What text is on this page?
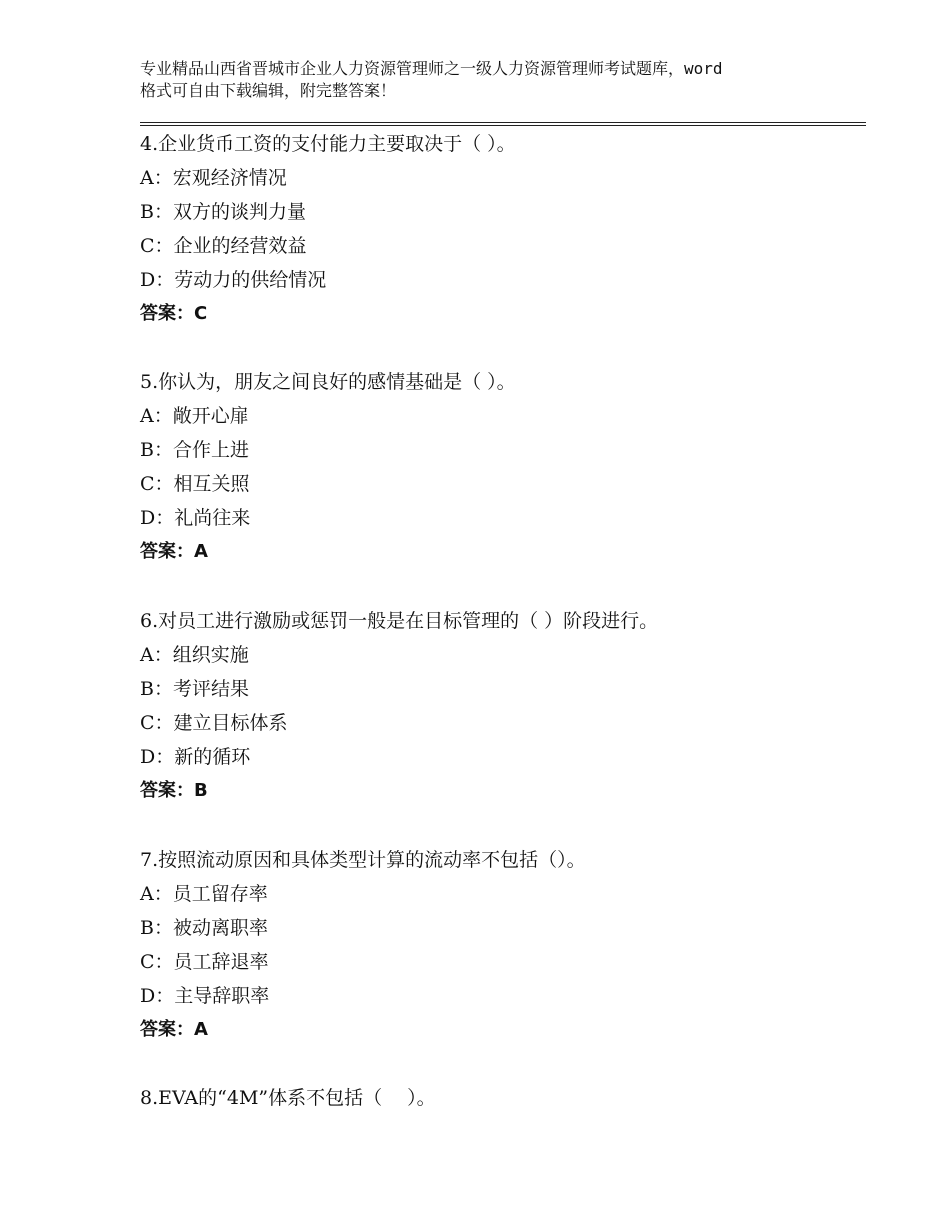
专业精品山西省晋城市企业人力资源管理师之一级人力资源管理师考试题库，word
格式可自由下载编辑，附完整答案！
4.企业货币工资的支付能力主要取决于（ ）。
A：宏观经济情况
B：双方的谈判力量
C：企业的经营效益
D：劳动力的供给情况
答案：C
5.你认为，朋友之间良好的感情基础是（ ）。
A：敞开心扉
B：合作上进
C：相互关照
D：礼尚往来
答案：A
6.对员工进行激励或惩罚一般是在目标管理的（ ）阶段进行。
A：组织实施
B：考评结果
C：建立目标体系
D：新的循环
答案：B
7.按照流动原因和具体类型计算的流动率不包括（）。
A：员工留存率
B：被动离职率
C：员工辞退率
D：主导辞职率
答案：A
8.EVA的“4M”体系不包括（　 ）。
